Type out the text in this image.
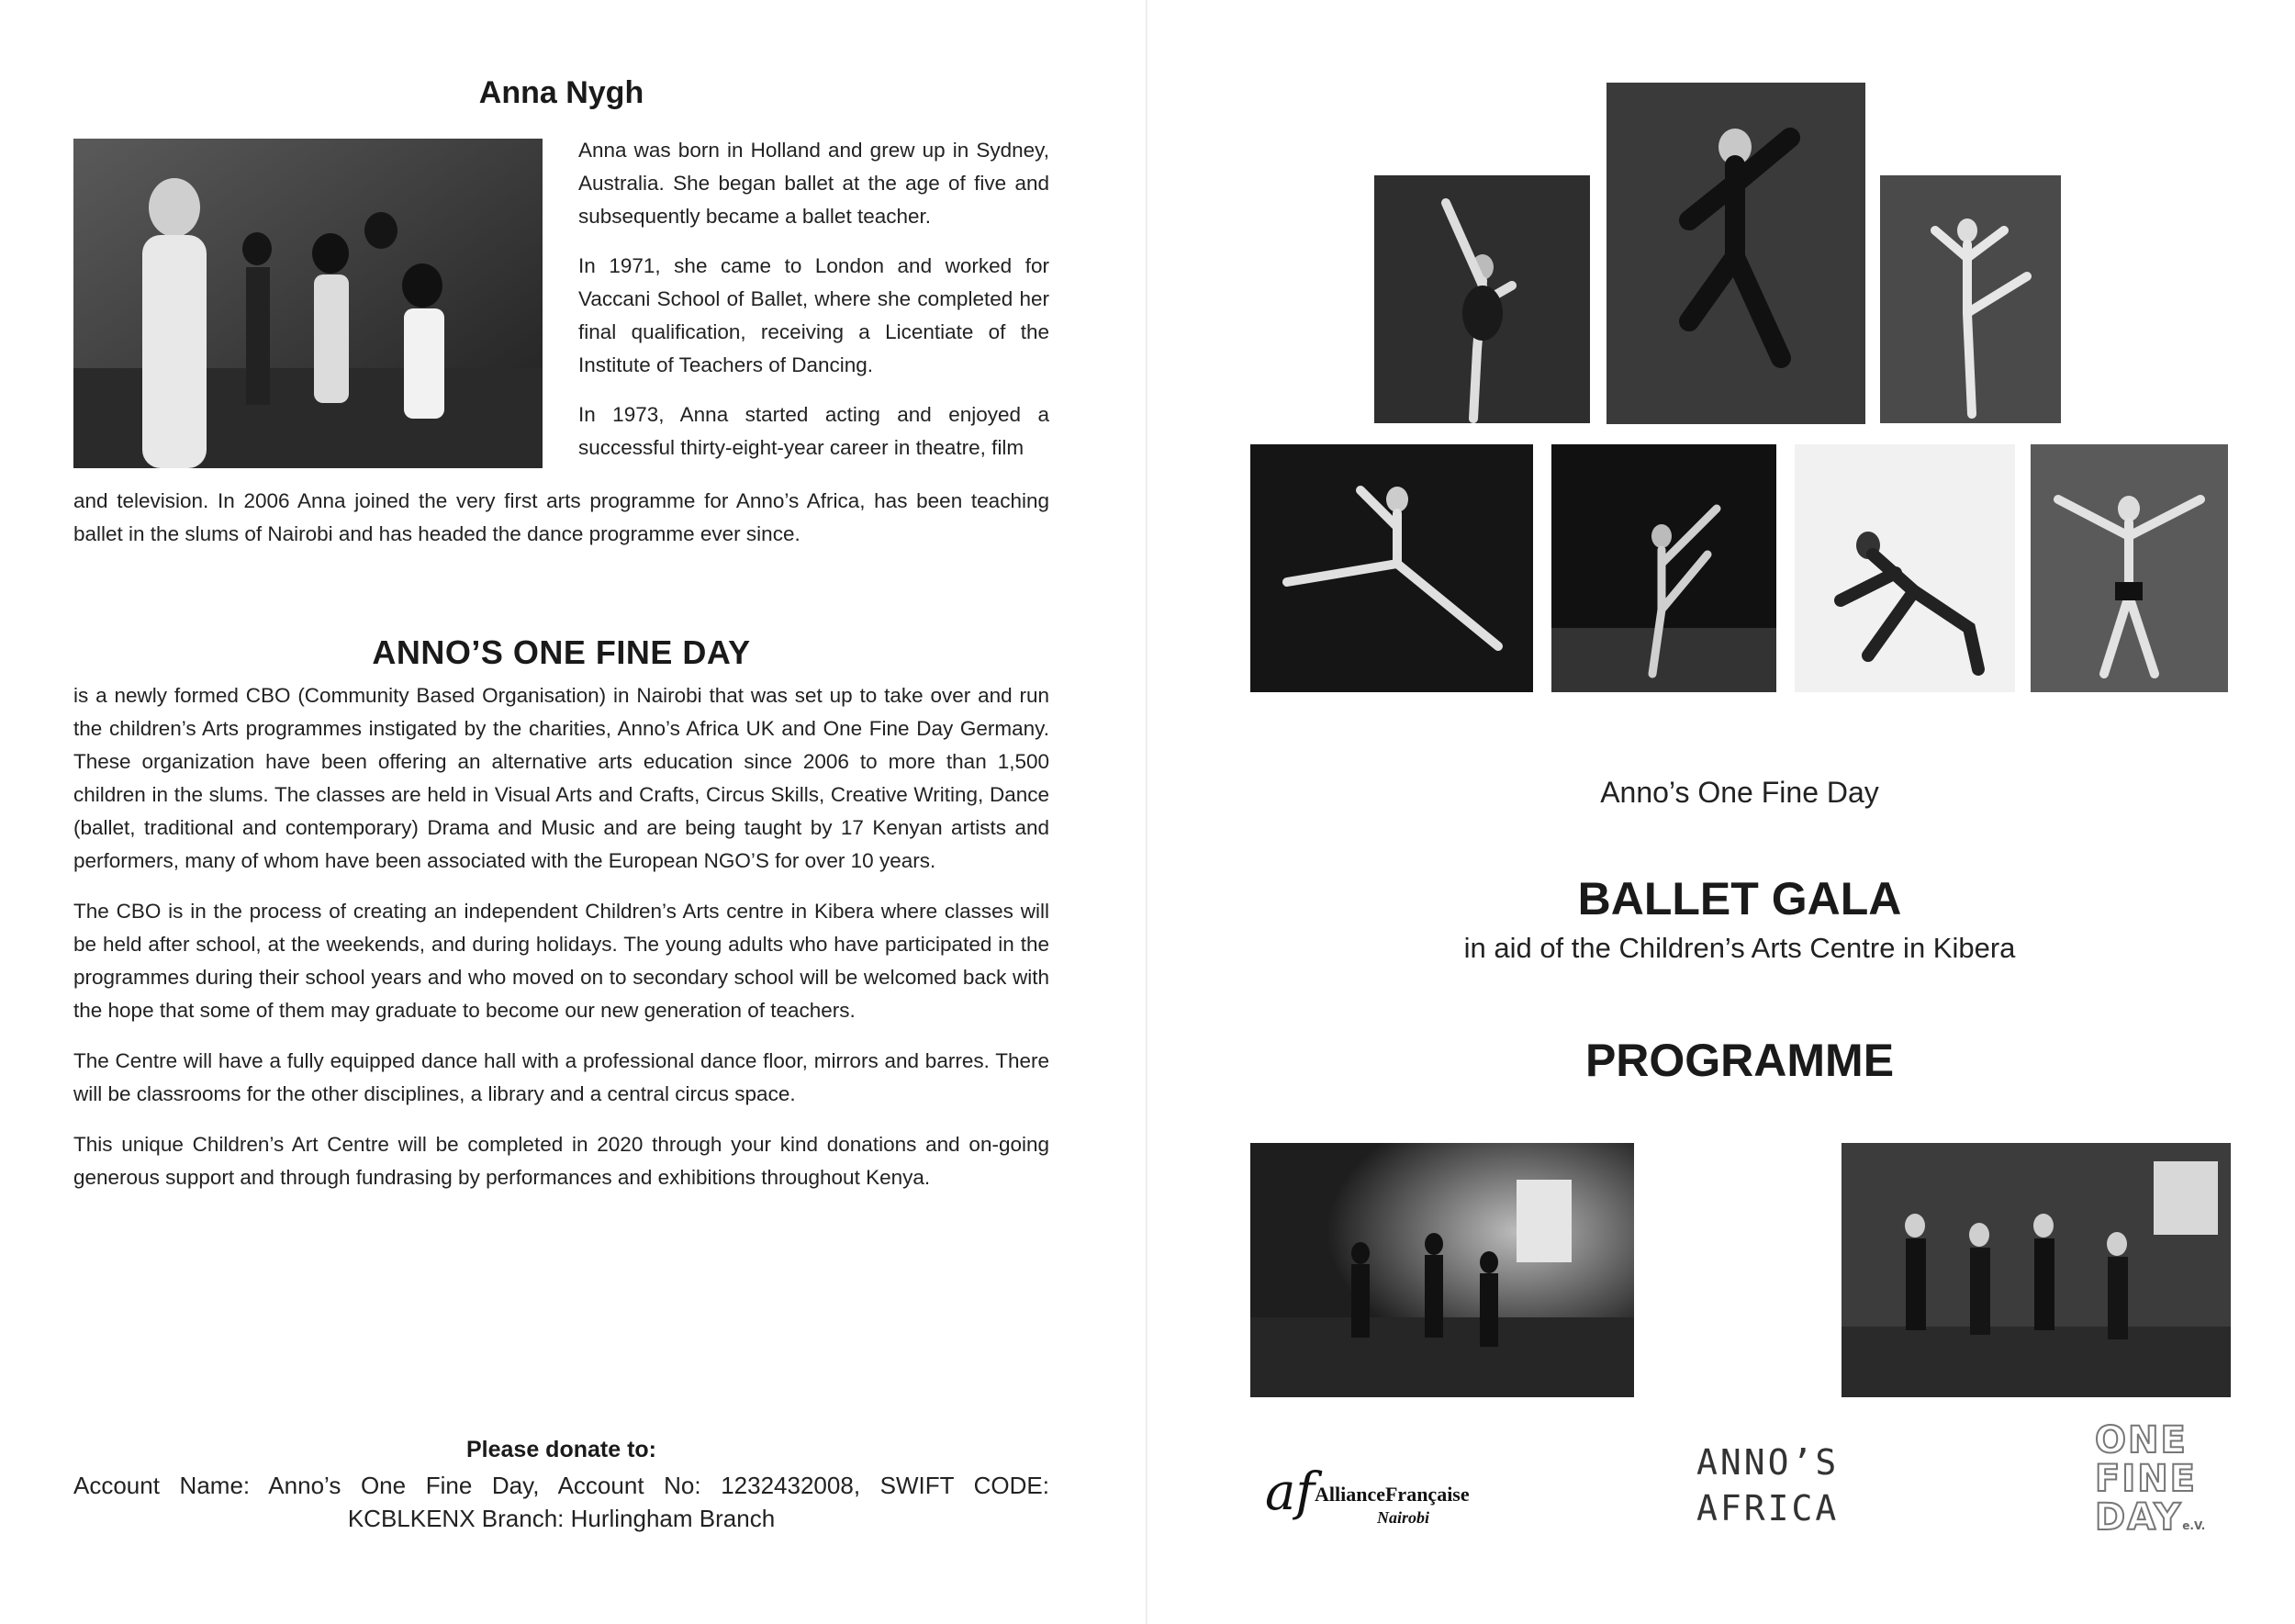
Anna Nygh

Anna was born in Holland and grew up in Sydney, Australia. She began ballet at the age of five and subsequently became a ballet teacher.

In 1971, she came to London and worked for Vaccani School of Ballet, where she completed her final qualification, receiving a Licentiate of the Institute of Teachers of Dancing.

In 1973, Anna started acting and enjoyed a successful thirty-eight-year career in theatre, film

and television. In 2006 Anna joined the very first arts programme for Anno’s Africa, has been teaching ballet in the slums of Nairobi and has headed the dance programme ever since.
ANNO’S ONE FINE DAY

is a newly formed CBO (Community Based Organisation) in Nairobi that was set up to take over and run the children’s Arts programmes instigated by the charities, Anno’s Africa UK and One Fine Day Germany. These organization have been offering an alternative arts education since 2006 to more than 1,500 children in the slums. The classes are held in Visual Arts and Crafts, Circus Skills, Creative Writing, Dance (ballet, traditional and contemporary) Drama and Music and are being taught by 17 Kenyan artists and performers, many of whom have been associated with the European NGO’S for over 10 years.

The CBO is in the process of creating an independent Children’s Arts centre in Kibera where classes will be held after school, at the weekends, and during holidays. The young adults who have participated in the programmes during their school years and who moved on to secondary school will be welcomed back with the hope that some of them may graduate to become our new generation of teachers.

The Centre will have a fully equipped dance hall with a professional dance floor, mirrors and barres. There will be classrooms for the other disciplines, a library and a central circus space.

This unique Children’s Art Centre will be completed in 2020 through your kind donations and on-going generous support and through fundrasing by performances and exhibitions throughout Kenya.

Please donate to:
Account Name: Anno’s One Fine Day, Account No: 1232432008, SWIFT CODE: KCBLKENX Branch: Hurlingham Branch
Anno’s One Fine Day
BALLET GALA
in aid of the Children’s Arts Centre in Kibera
PROGRAMME
af AllianceFrançaise
Nairobi
ANNO’S
AFRICA
ONE
FINE
DAYe.V.
